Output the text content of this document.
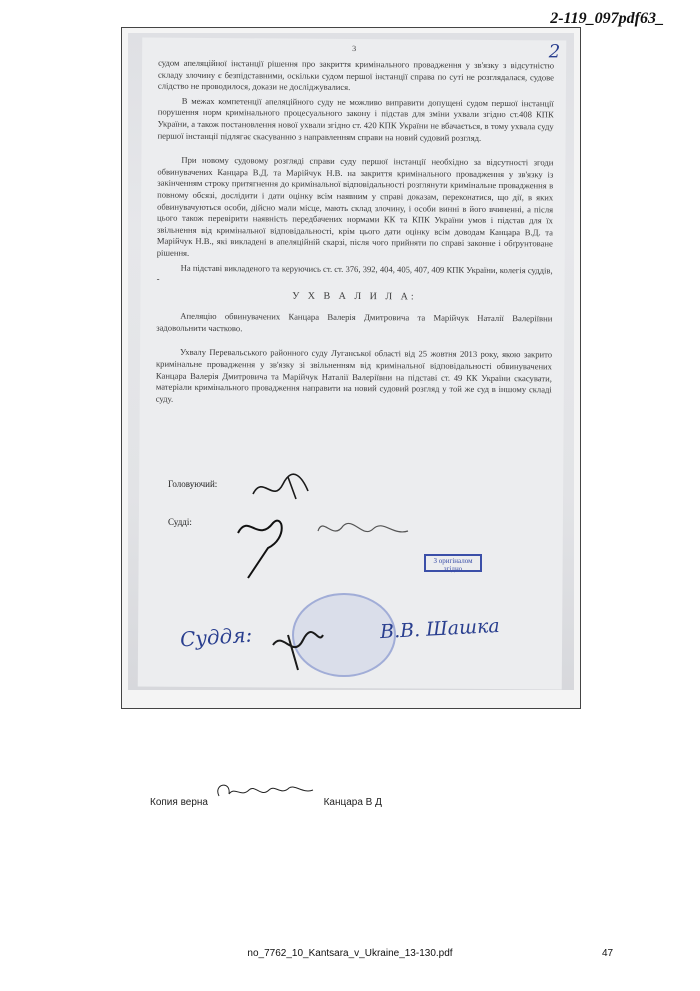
2-119_097pdf63_
3	2

судом апеляційної інстанції рішення про закриття кримінального провадження у зв'язку з відсутністю складу злочину є безпідставними, оскільки судом першої інстанції справа по суті не розглядалася, судове слідство не проводилося, докази не досліджувалися.

В межах компетенції апеляційного суду не можливо виправити допущені судом першої інстанції порушення норм кримінального процесуального закону і підстав для зміни ухвали згідно ст.408 КПК України, а також постановлення нової ухвали згідно ст. 420 КПК України не вбачається, в тому ухвала суду першої інстанції підлягає скасуванню з направленням справи на новий судовий розгляд.

При новому судовому розгляді справи суду першої інстанції необхідно за відсутності згоди обвинувачених Канцара В.Д. та Марійчук Н.В. на закриття кримінального провадження у зв'язку із закінченням строку притягнення до кримінальної відповідальності розглянути кримінальне провадження в повному обсязі, дослідити і дати оцінку всім наявним у справі доказам, переконатися, що дії, в яких обвинувачуються особи, дійсно мали місце, мають склад злочину, і особи винні в його вчиненні, а після цього також перевірити наявність передбачених нормами КК та КПК України умов і підстав для їх звільнення від кримінальної відповідальності, крім цього дати оцінку всім доводам Канцара В.Д. та Марійчук Н.В., які викладені в апеляційній скарзі, після чого прийняти по справі законне і обґрунтоване рішення.

На підставі викладеного та керуючись ст. ст. 376, 392, 404, 405, 407, 409 КПК України, колегія суддів, -

У Х В А Л И Л А:

Апеляцію обвинувачених Канцара Валерія Дмитровича та Марійчук Наталії Валеріївни задовольнити частково.

Ухвалу Перевальського районного суду Луганської області від 25 жовтня 2013 року, якою закрито кримінальне провадження у зв'язку зі звільненням від кримінальної відповідальності обвинувачених Канцара Валерія Дмитровича та Марійчук Наталії Валеріївни на підставі ст. 49 КК України скасувати, матеріали кримінального провадження направити на новий судовий розгляд у той же суд в іншому складі суду.

Головуючий:
Судді:
З оригіналом згідно
Суддя:	В.В. Шашка
Копия верна	Канцара В Д
no_7762_10_Kantsara_v_Ukraine_13-130.pdf	47
